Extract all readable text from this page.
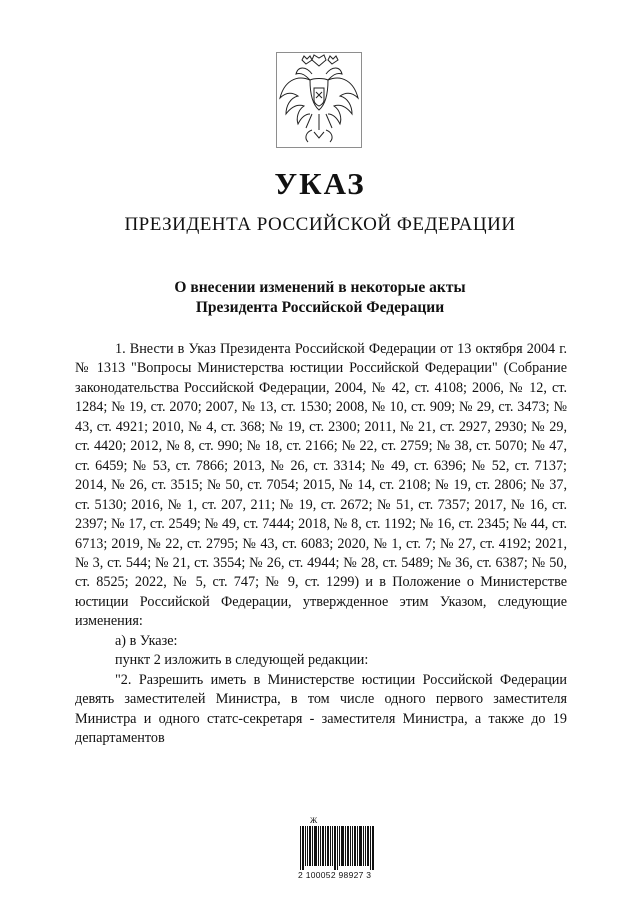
УКАЗ
ПРЕЗИДЕНТА РОССИЙСКОЙ ФЕДЕРАЦИИ
О внесении изменений в некоторые акты
Президента Российской Федерации

1. Внести в Указ Президента Российской Федерации от 13 октября 2004 г. № 1313 "Вопросы Министерства юстиции Российской Федерации" (Собрание законодательства Российской Федерации, 2004, № 42, ст. 4108; 2006, № 12, ст. 1284; № 19, ст. 2070; 2007, № 13, ст. 1530; 2008, № 10, ст. 909; № 29, ст. 3473; № 43, ст. 4921; 2010, № 4, ст. 368; № 19, ст. 2300; 2011, № 21, ст. 2927, 2930; № 29, ст. 4420; 2012, № 8, ст. 990; № 18, ст. 2166; № 22, ст. 2759; № 38, ст. 5070; № 47, ст. 6459; № 53, ст. 7866; 2013, № 26, ст. 3314; № 49, ст. 6396; № 52, ст. 7137; 2014, № 26, ст. 3515; № 50, ст. 7054; 2015, № 14, ст. 2108; № 19, ст. 2806; № 37, ст. 5130; 2016, № 1, ст. 207, 211; № 19, ст. 2672; № 51, ст. 7357; 2017, № 16, ст. 2397; № 17, ст. 2549; № 49, ст. 7444; 2018, № 8, ст. 1192; № 16, ст. 2345; № 44, ст. 6713; 2019, № 22, ст. 2795; № 43, ст. 6083; 2020, № 1, ст. 7; № 27, ст. 4192; 2021, № 3, ст. 544; № 21, ст. 3554; № 26, ст. 4944; № 28, ст. 5489; № 36, ст. 6387; № 50, ст. 8525; 2022, № 5, ст. 747; № 9, ст. 1299) и в Положение о Министерстве юстиции Российской Федерации, утвержденное этим Указом, следующие изменения:

а) в Указе:

пункт 2 изложить в следующей редакции:

"2. Разрешить иметь в Министерстве юстиции Российской Федерации девять заместителей Министра, в том числе одного первого заместителя Министра и одного статс-секретаря - заместителя Министра, а также до 19 департаментов

Ж
2 100052 98927 3
